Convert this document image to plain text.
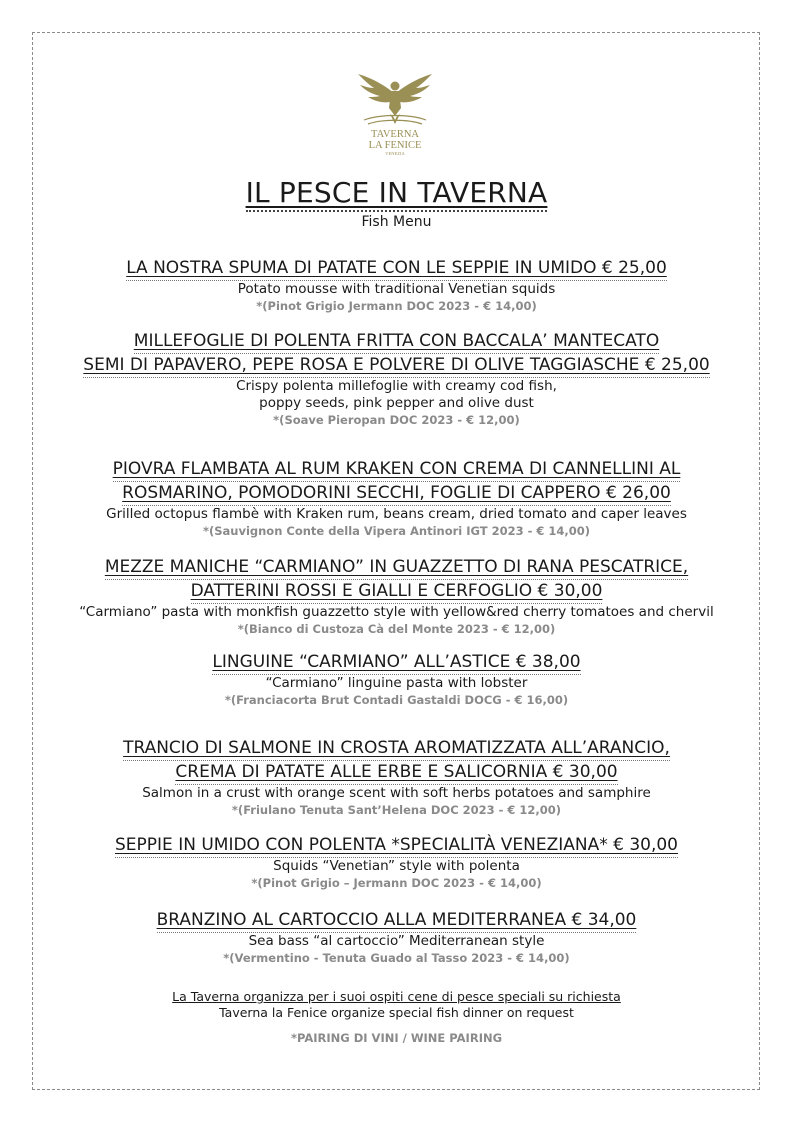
TAVERNA
LA FENICE
VENEZIA
IL PESCE IN TAVERNA
Fish Menu
LA NOSTRA SPUMA DI PATATE CON LE SEPPIE IN UMIDO € 25,00
Potato mousse with traditional Venetian squids
*(Pinot Grigio Jermann DOC 2023 - € 14,00)
MILLEFOGLIE DI POLENTA FRITTA CON BACCALA’ MANTECATO
SEMI DI PAPAVERO, PEPE ROSA E POLVERE DI OLIVE TAGGIASCHE € 25,00
Crispy polenta millefoglie with creamy cod fish,
poppy seeds, pink pepper and olive dust
*(Soave Pieropan DOC 2023 - € 12,00)
PIOVRA FLAMBATA AL RUM KRAKEN CON CREMA DI CANNELLINI AL
ROSMARINO, POMODORINI SECCHI, FOGLIE DI CAPPERO € 26,00
Grilled octopus flambè with Kraken rum, beans cream, dried tomato and caper leaves
*(Sauvignon Conte della Vipera Antinori IGT 2023 - € 14,00)
MEZZE MANICHE “CARMIANO” IN GUAZZETTO DI RANA PESCATRICE,
DATTERINI ROSSI E GIALLI E CERFOGLIO € 30,00
“Carmiano” pasta with monkfish guazzetto style with yellow&red cherry tomatoes and chervil
*(Bianco di Custoza Cà del Monte 2023 - € 12,00)
LINGUINE “CARMIANO” ALL’ASTICE € 38,00
“Carmiano” linguine pasta with lobster
*(Franciacorta Brut Contadi Gastaldi DOCG - € 16,00)
TRANCIO DI SALMONE IN CROSTA AROMATIZZATA ALL’ARANCIO,
CREMA DI PATATE ALLE ERBE E SALICORNIA € 30,00
Salmon in a crust with orange scent with soft herbs potatoes and samphire
*(Friulano Tenuta Sant’Helena DOC 2023 - € 12,00)
SEPPIE IN UMIDO CON POLENTA *SPECIALITÀ VENEZIANA* € 30,00
Squids “Venetian” style with polenta
*(Pinot Grigio – Jermann DOC 2023 - € 14,00)
BRANZINO AL CARTOCCIO ALLA MEDITERRANEA € 34,00
Sea bass “al cartoccio” Mediterranean style
*(Vermentino - Tenuta Guado al Tasso 2023 - € 14,00)
La Taverna organizza per i suoi ospiti cene di pesce speciali su richiesta
Taverna la Fenice organize special fish dinner on request
*PAIRING DI VINI / WINE PAIRING
